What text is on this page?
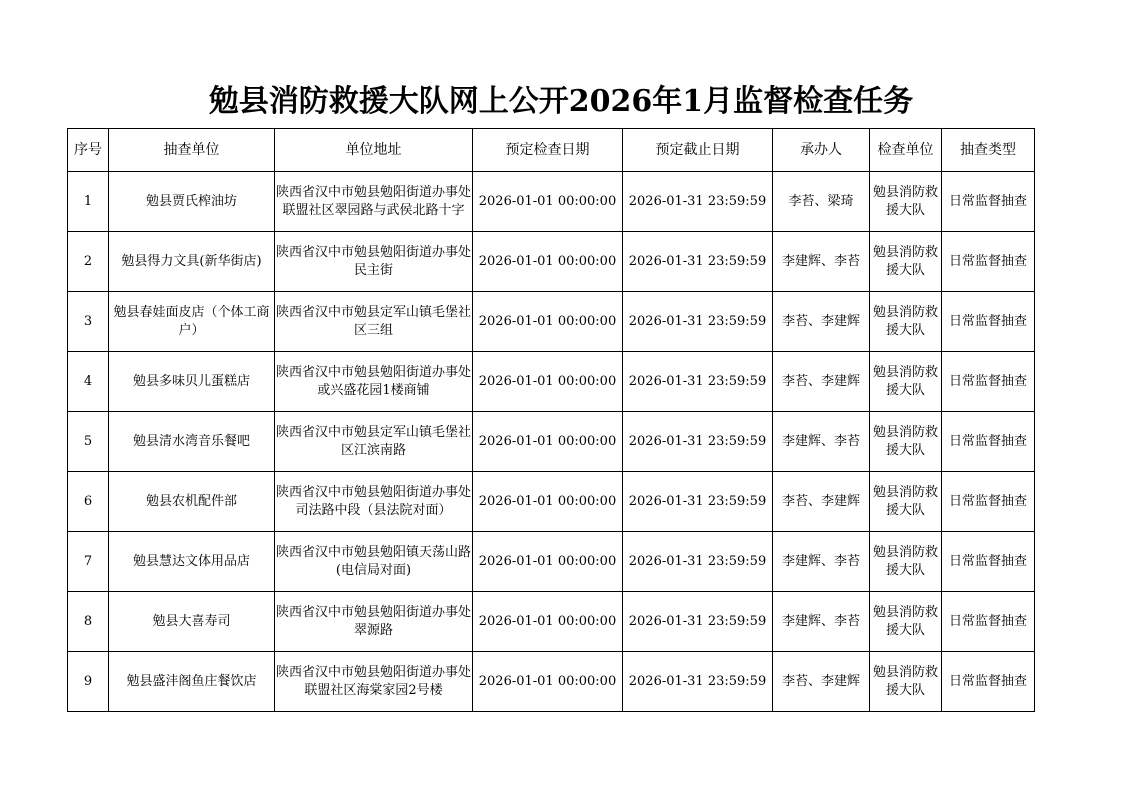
勉县消防救援大队网上公开2026年1月监督检查任务
序号	抽查单位	单位地址	预定检查日期	预定截止日期	承办人	检查单位	抽查类型
1	勉县贾氏榨油坊	陕西省汉中市勉县勉阳街道办事处联盟社区翠园路与武侯北路十字	2026-01-01 00:00:00	2026-01-31 23:59:59	李苔、梁琦	勉县消防救援大队	日常监督抽查
2	勉县得力文具(新华街店)	陕西省汉中市勉县勉阳街道办事处民主街	2026-01-01 00:00:00	2026-01-31 23:59:59	李建辉、李苔	勉县消防救援大队	日常监督抽查
3	勉县春娃面皮店（个体工商户）	陕西省汉中市勉县定军山镇毛堡社区三组	2026-01-01 00:00:00	2026-01-31 23:59:59	李苔、李建辉	勉县消防救援大队	日常监督抽查
4	勉县多味贝儿蛋糕店	陕西省汉中市勉县勉阳街道办事处或兴盛花园1楼商铺	2026-01-01 00:00:00	2026-01-31 23:59:59	李苔、李建辉	勉县消防救援大队	日常监督抽查
5	勉县清水湾音乐餐吧	陕西省汉中市勉县定军山镇毛堡社区江滨南路	2026-01-01 00:00:00	2026-01-31 23:59:59	李建辉、李苔	勉县消防救援大队	日常监督抽查
6	勉县农机配件部	陕西省汉中市勉县勉阳街道办事处司法路中段（县法院对面）	2026-01-01 00:00:00	2026-01-31 23:59:59	李苔、李建辉	勉县消防救援大队	日常监督抽查
7	勉县慧达文体用品店	陕西省汉中市勉县勉阳镇天荡山路(电信局对面)	2026-01-01 00:00:00	2026-01-31 23:59:59	李建辉、李苔	勉县消防救援大队	日常监督抽查
8	勉县大喜寿司	陕西省汉中市勉县勉阳街道办事处翠源路	2026-01-01 00:00:00	2026-01-31 23:59:59	李建辉、李苔	勉县消防救援大队	日常监督抽查
9	勉县盛沣阁鱼庄餐饮店	陕西省汉中市勉县勉阳街道办事处联盟社区海棠家园2号楼	2026-01-01 00:00:00	2026-01-31 23:59:59	李苔、李建辉	勉县消防救援大队	日常监督抽查
